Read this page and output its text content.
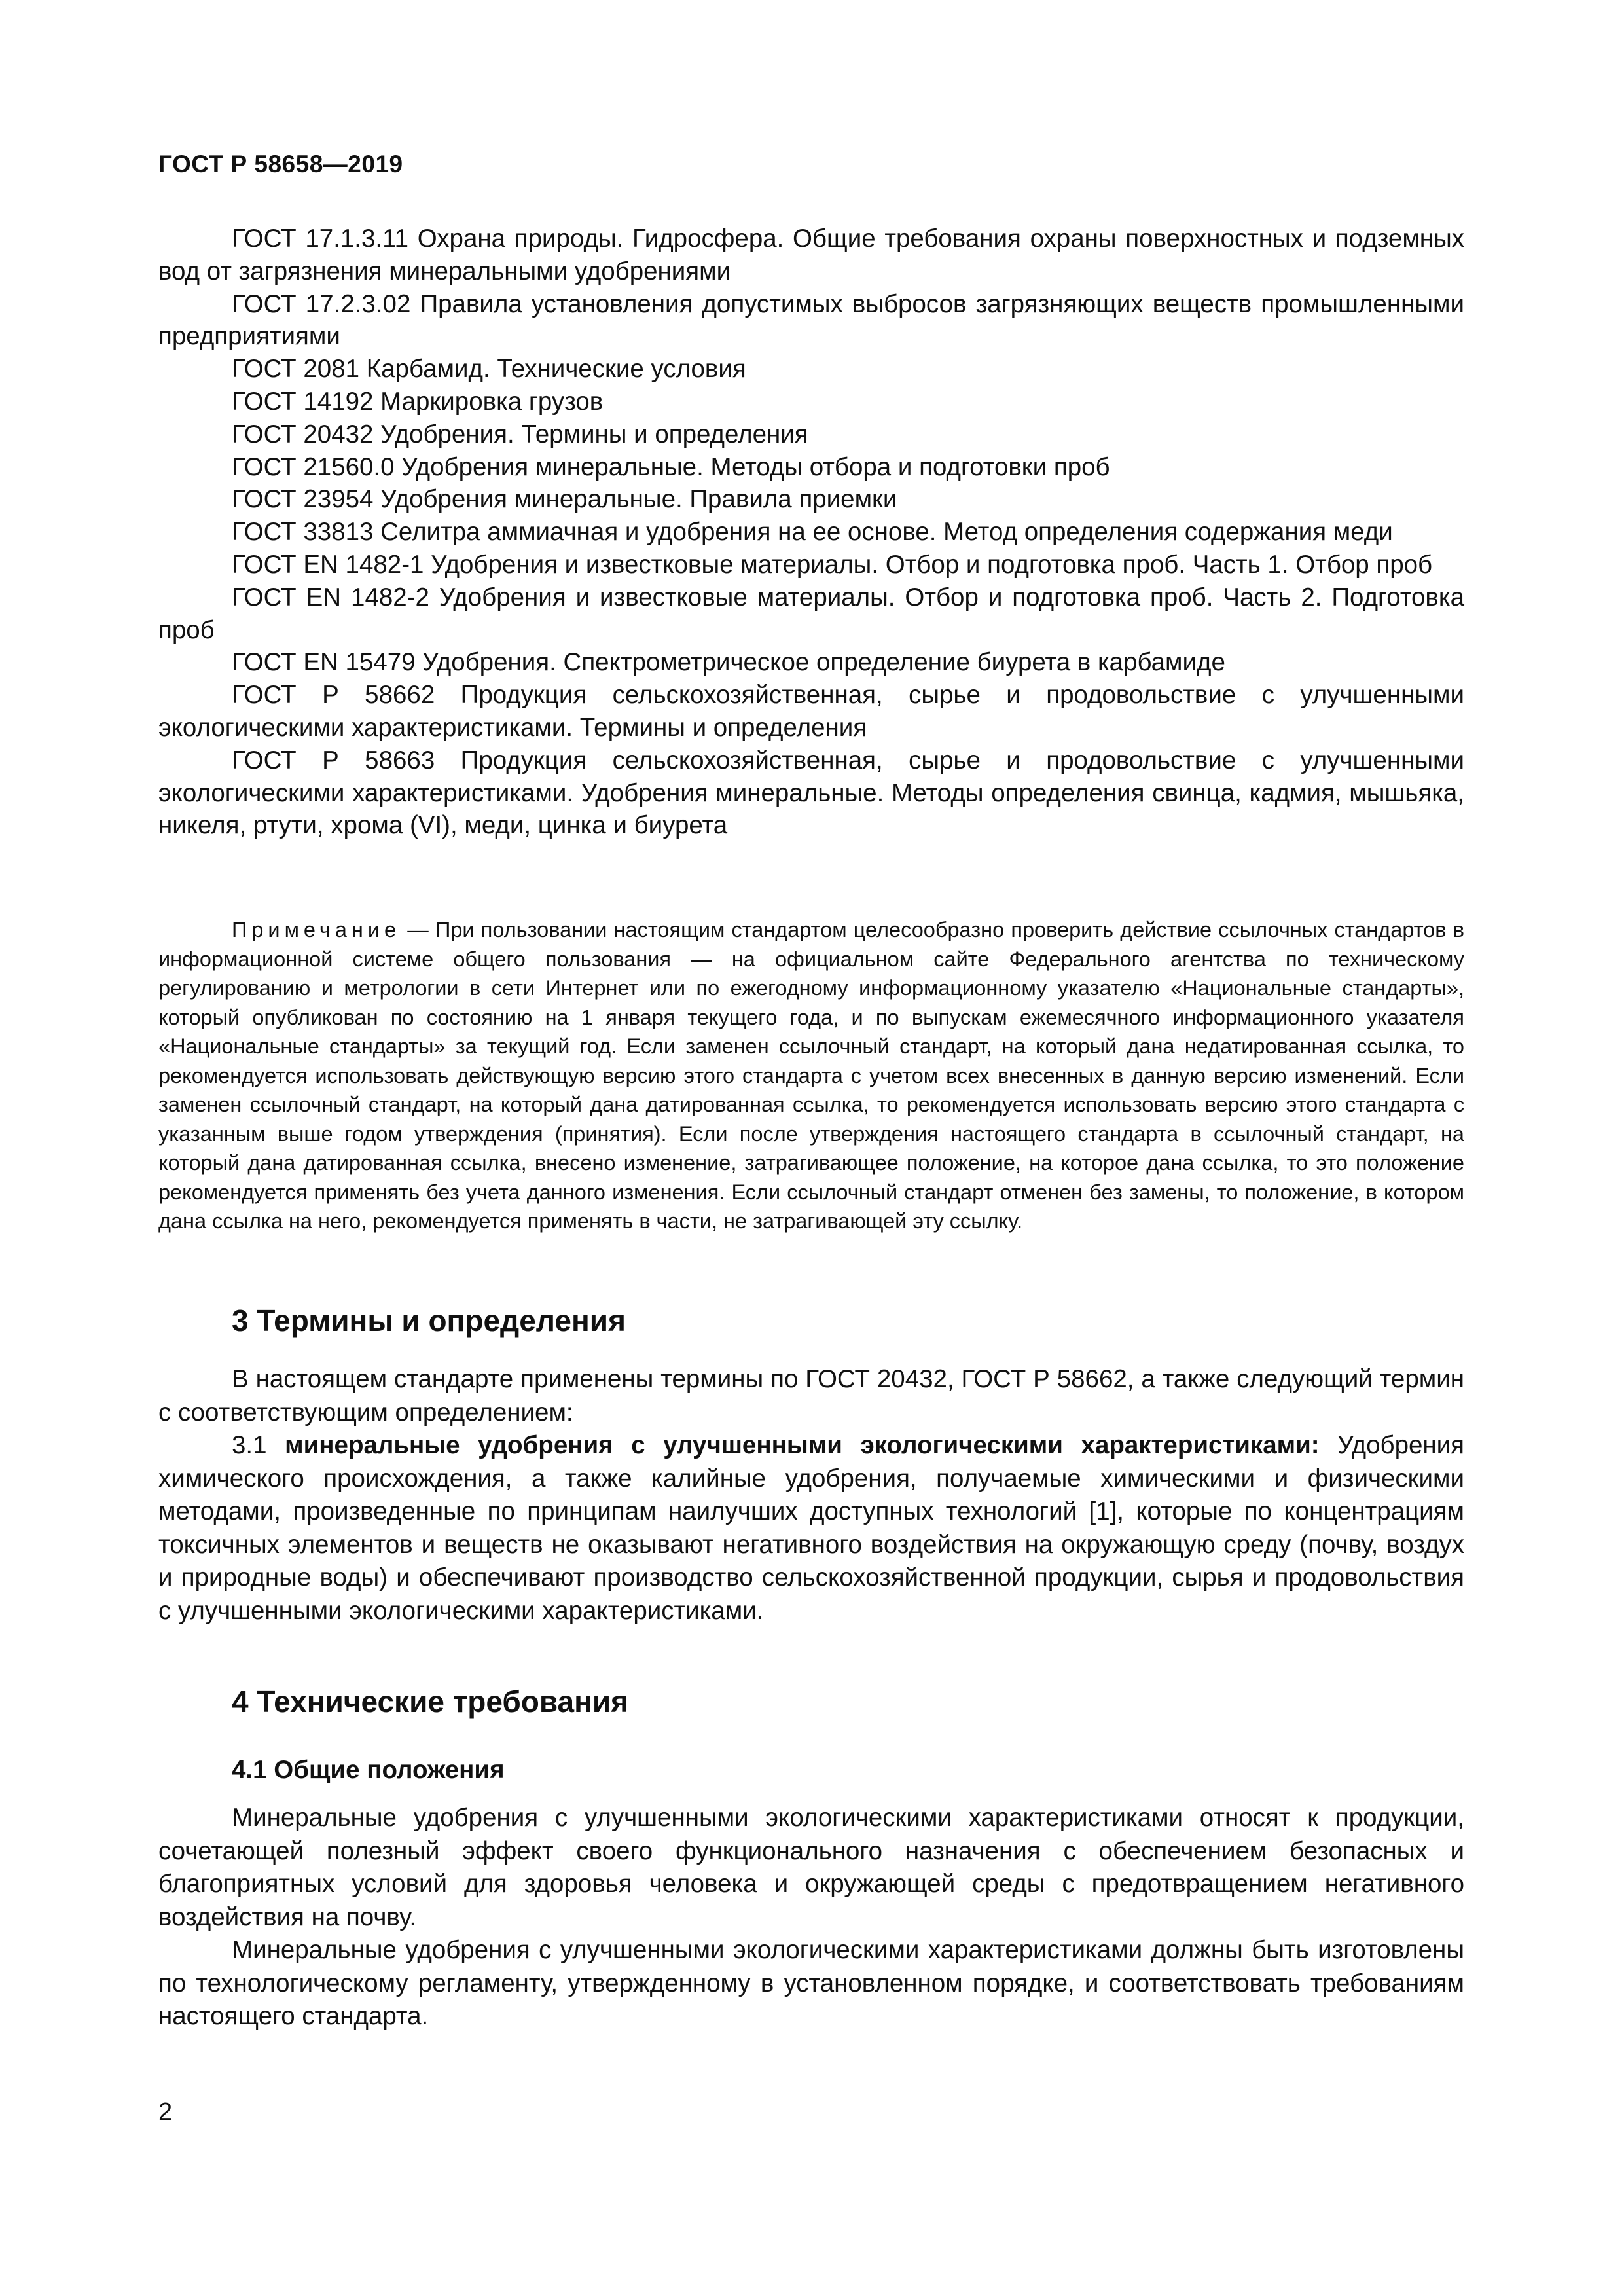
ГОСТ Р 58658—2019

ГОСТ 17.1.3.11 Охрана природы. Гидросфера. Общие требования охраны поверхностных и подземных вод от загрязнения минеральными удобрениями

ГОСТ 17.2.3.02 Правила установления допустимых выбросов загрязняющих веществ промышленными предприятиями

ГОСТ 2081 Карбамид. Технические условия

ГОСТ 14192 Маркировка грузов

ГОСТ 20432 Удобрения. Термины и определения

ГОСТ 21560.0 Удобрения минеральные. Методы отбора и подготовки проб

ГОСТ 23954 Удобрения минеральные. Правила приемки

ГОСТ 33813 Селитра аммиачная и удобрения на ее основе. Метод определения содержания меди

ГОСТ EN 1482-1 Удобрения и известковые материалы. Отбор и подготовка проб. Часть 1. Отбор проб

ГОСТ EN 1482-2 Удобрения и известковые материалы. Отбор и подготовка проб. Часть 2. Подготовка проб

ГОСТ EN 15479 Удобрения. Спектрометрическое определение биурета в карбамиде

ГОСТ Р 58662 Продукция сельскохозяйственная, сырье и продовольствие с улучшенными экологическими характеристиками. Термины и определения

ГОСТ Р 58663 Продукция сельскохозяйственная, сырье и продовольствие с улучшенными экологическими характеристиками. Удобрения минеральные. Методы определения свинца, кадмия, мышьяка, никеля, ртути, хрома (VI), меди, цинка и биурета

Примечание — При пользовании настоящим стандартом целесообразно проверить действие ссылочных стандартов в информационной системе общего пользования — на официальном сайте Федерального агентства по техническому регулированию и метрологии в сети Интернет или по ежегодному информационному указателю «Национальные стандарты», который опубликован по состоянию на 1 января текущего года, и по выпускам ежемесячного информационного указателя «Национальные стандарты» за текущий год. Если заменен ссылочный стандарт, на который дана недатированная ссылка, то рекомендуется использовать действующую версию этого стандарта с учетом всех внесенных в данную версию изменений. Если заменен ссылочный стандарт, на который дана датированная ссылка, то рекомендуется использовать версию этого стандарта с указанным выше годом утверждения (принятия). Если после утверждения настоящего стандарта в ссылочный стандарт, на который дана датированная ссылка, внесено изменение, затрагивающее положение, на которое дана ссылка, то это положение рекомендуется применять без учета данного изменения. Если ссылочный стандарт отменен без замены, то положение, в котором дана ссылка на него, рекомендуется применять в части, не затрагивающей эту ссылку.

3 Термины и определения

В настоящем стандарте применены термины по ГОСТ 20432, ГОСТ Р 58662, а также следующий термин с соответствующим определением:

3.1 минеральные удобрения с улучшенными экологическими характеристиками: Удобрения химического происхождения, а также калийные удобрения, получаемые химическими и физическими методами, произведенные по принципам наилучших доступных технологий [1], которые по концентрациям токсичных элементов и веществ не оказывают негативного воздействия на окружающую среду (почву, воздух и природные воды) и обеспечивают производство сельскохозяйственной продукции, сырья и продовольствия с улучшенными экологическими характеристиками.

4 Технические требования
4.1 Общие положения

Минеральные удобрения с улучшенными экологическими характеристиками относят к продукции, сочетающей полезный эффект своего функционального назначения с обеспечением безопасных и благоприятных условий для здоровья человека и окружающей среды с предотвращением негативного воздействия на почву.

Минеральные удобрения с улучшенными экологическими характеристиками должны быть изготовлены по технологическому регламенту, утвержденному в установленном порядке, и соответствовать требованиям настоящего стандарта.

2
